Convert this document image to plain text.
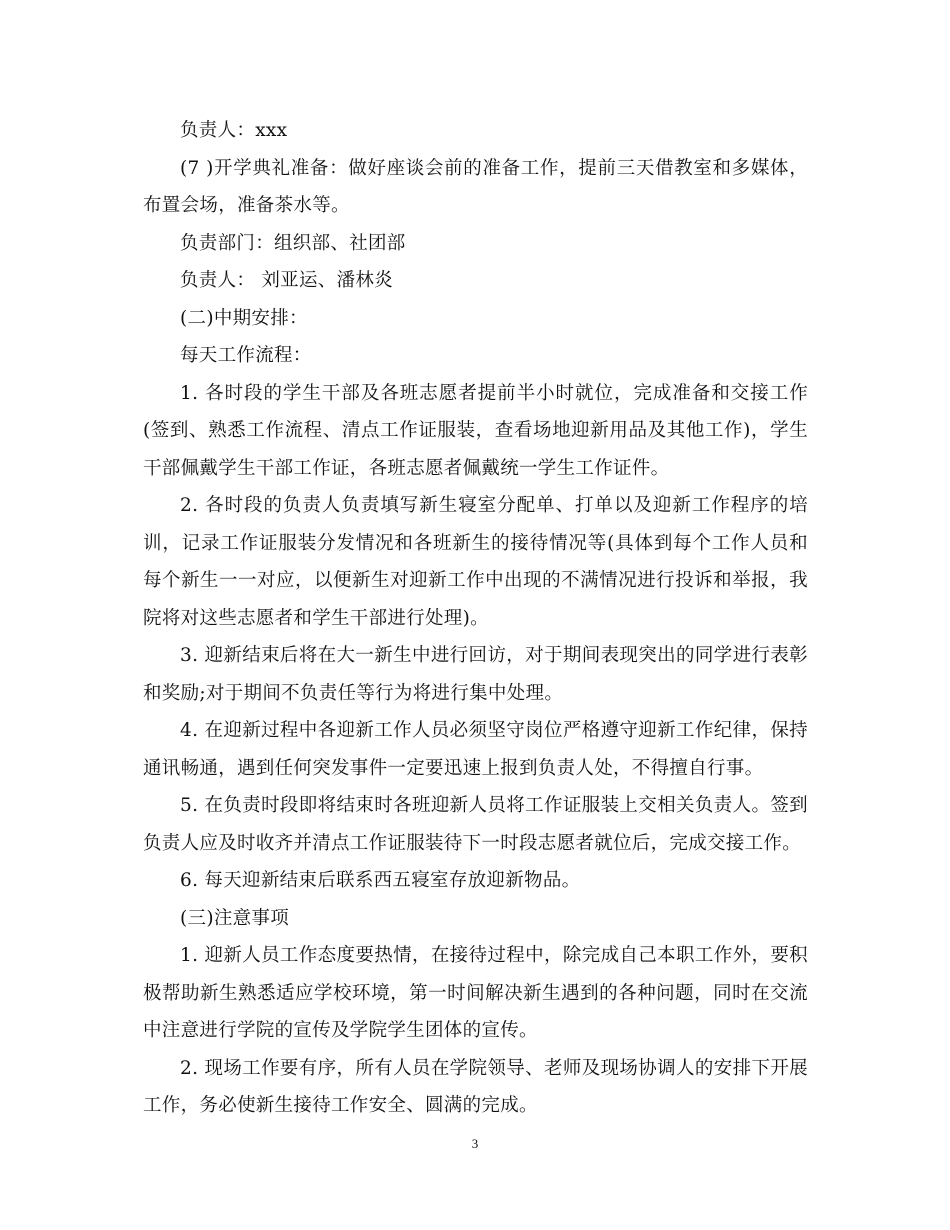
负责人：xxx

(7 )开学典礼准备：做好座谈会前的准备工作，提前三天借教室和多媒体，布置会场，准备茶水等。

负责部门：组织部、社团部

负责人： 刘亚运、潘林炎

(二)中期安排：

每天工作流程：

1. 各时段的学生干部及各班志愿者提前半小时就位，完成准备和交接工作(签到、熟悉工作流程、清点工作证服装，查看场地迎新用品及其他工作)，学生干部佩戴学生干部工作证，各班志愿者佩戴统一学生工作证件。

2. 各时段的负责人负责填写新生寝室分配单、打单以及迎新工作程序的培训，记录工作证服装分发情况和各班新生的接待情况等(具体到每个工作人员和每个新生一一对应，以便新生对迎新工作中出现的不满情况进行投诉和举报，我院将对这些志愿者和学生干部进行处理)。

3. 迎新结束后将在大一新生中进行回访，对于期间表现突出的同学进行表彰和奖励;对于期间不负责任等行为将进行集中处理。

4. 在迎新过程中各迎新工作人员必须坚守岗位严格遵守迎新工作纪律，保持通讯畅通，遇到任何突发事件一定要迅速上报到负责人处，不得擅自行事。

5. 在负责时段即将结束时各班迎新人员将工作证服装上交相关负责人。签到负责人应及时收齐并清点工作证服装待下一时段志愿者就位后，完成交接工作。

6. 每天迎新结束后联系西五寝室存放迎新物品。

(三)注意事项

1. 迎新人员工作态度要热情，在接待过程中，除完成自己本职工作外，要积极帮助新生熟悉适应学校环境，第一时间解决新生遇到的各种问题，同时在交流中注意进行学院的宣传及学院学生团体的宣传。

2. 现场工作要有序，所有人员在学院领导、老师及现场协调人的安排下开展工作，务必使新生接待工作安全、圆满的完成。

3
